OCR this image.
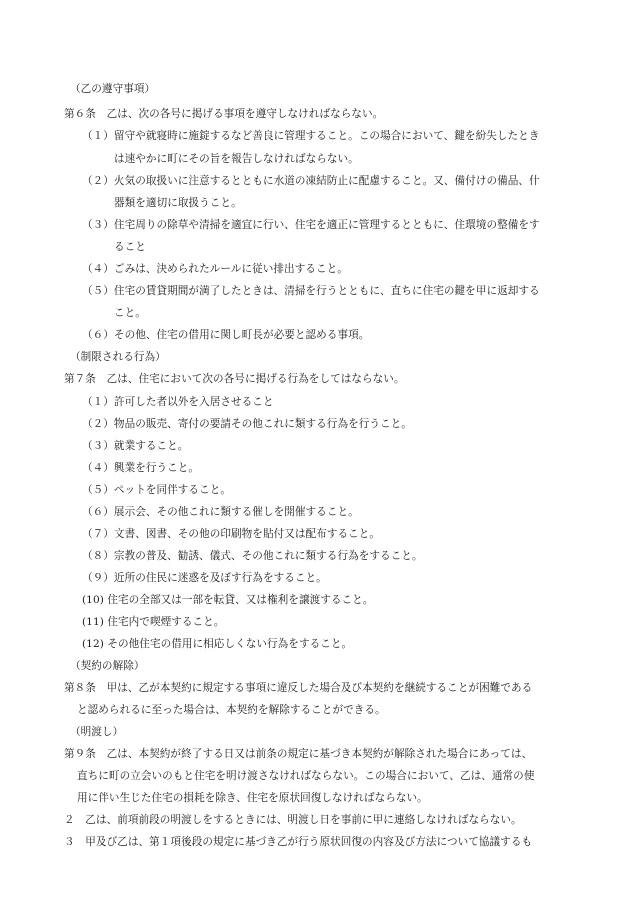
（乙の遵守事項）
第６条　乙は、次の各号に掲げる事項を遵守しなければならない。
（１）留守や就寝時に施錠するなど善良に管理すること。この場合において、鍵を紛失したとき
は速やかに町にその旨を報告しなければならない。
（２）火気の取扱いに注意するとともに水道の凍結防止に配慮すること。又、備付けの備品、什
器類を適切に取扱うこと。
（３）住宅周りの除草や清掃を適宜に行い、住宅を適正に管理するとともに、住環境の整備をす
ること
（４）ごみは、決められたルールに従い排出すること。
（５）住宅の賃貸期間が満了したときは、清掃を行うとともに、直ちに住宅の鍵を甲に返却する
こと。
（６）その他、住宅の借用に関し町長が必要と認める事項。
（制限される行為）
第７条　乙は、住宅において次の各号に掲げる行為をしてはならない。
（１）許可した者以外を入居させること
（２）物品の販売、寄付の要請その他これに類する行為を行うこと。
（３）就業すること。
（４）興業を行うこと。
（５）ペットを同伴すること。
（６）展示会、その他これに類する催しを開催すること。
（７）文書、図書、その他の印刷物を貼付又は配布すること。
（８）宗教の普及、勧誘、儀式、その他これに類する行為をすること。
（９）近所の住民に迷惑を及ぼす行為をすること。
(10) 住宅の全部又は一部を転貸、又は権利を譲渡すること。
(11) 住宅内で喫煙すること。
(12) その他住宅の借用に相応しくない行為をすること。
（契約の解除）
第８条　甲は、乙が本契約に規定する事項に違反した場合及び本契約を継続することが困難である
と認められるに至った場合は、本契約を解除することができる。
（明渡し）
第９条　乙は、本契約が終了する日又は前条の規定に基づき本契約が解除された場合にあっては、
直ちに町の立会いのもと住宅を明け渡さなければならない。この場合において、乙は、通常の使
用に伴い生じた住宅の損耗を除き、住宅を原状回復しなければならない。
２　乙は、前項前段の明渡しをするときには、明渡し日を事前に甲に連絡しなければならない。
３　甲及び乙は、第１項後段の規定に基づき乙が行う原状回復の内容及び方法について協議するも
